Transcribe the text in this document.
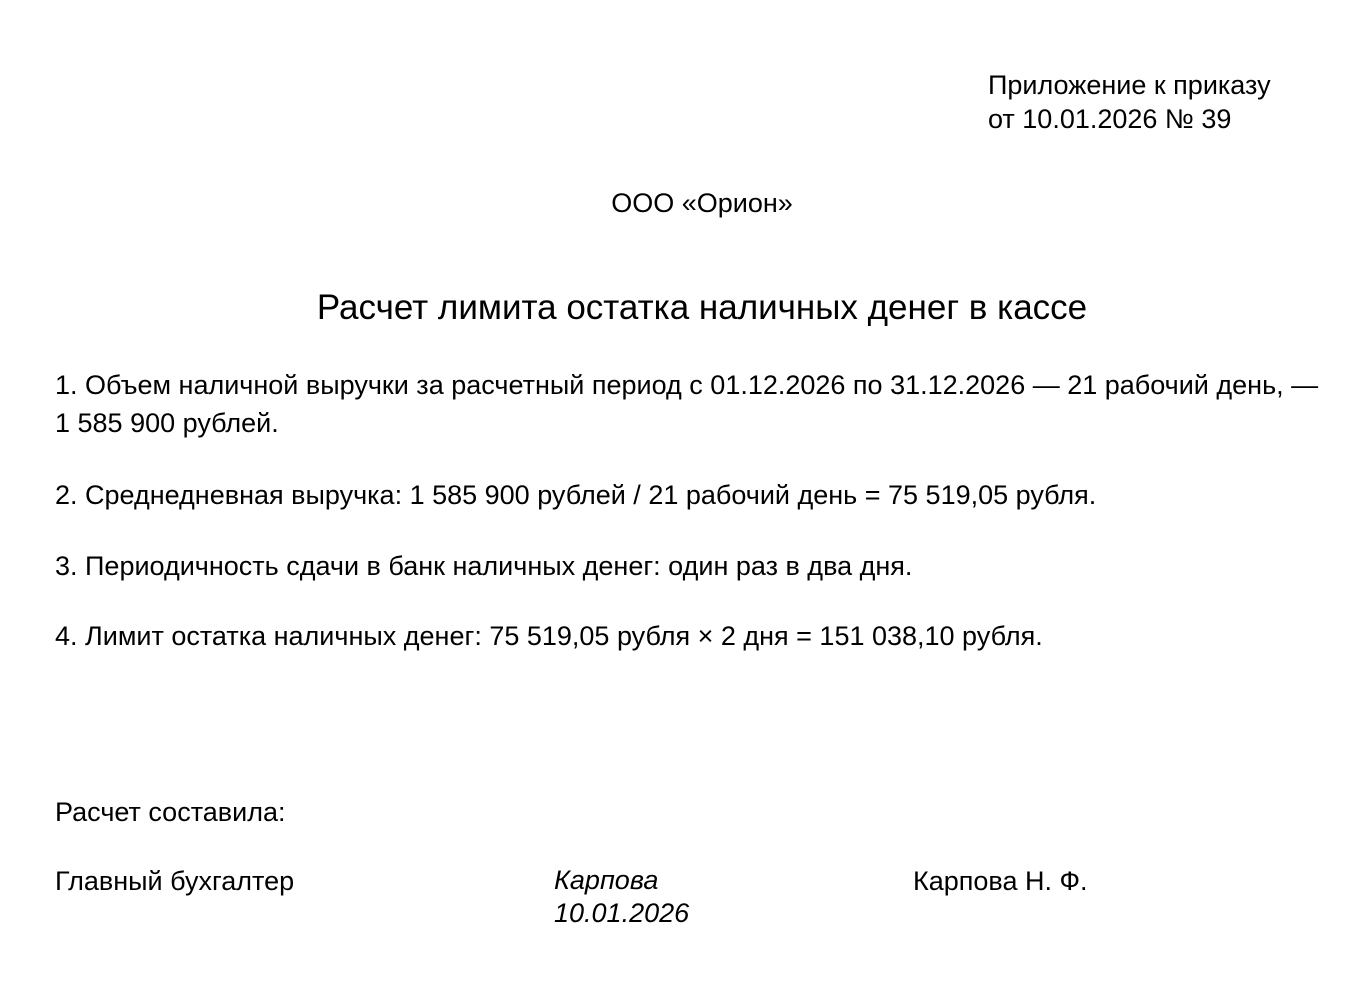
Приложение к приказу
от 10.01.2026 № 39
ООО «Орион»
Расчет лимита остатка наличных денег в кассе
1. Объем наличной выручки за расчетный период с 01.12.2026 по 31.12.2026 — 21 рабочий день, — 1 585 900 рублей.
2. Среднедневная выручка: 1 585 900 рублей / 21 рабочий день = 75 519,05 рубля.
3. Периодичность сдачи в банк наличных денег: один раз в два дня.
4. Лимит остатка наличных денег: 75 519,05 рубля × 2 дня = 151 038,10 рубля.
Расчет составила:
Главный бухгалтер	Карпова
10.01.2026
Карпова Н. Ф.
